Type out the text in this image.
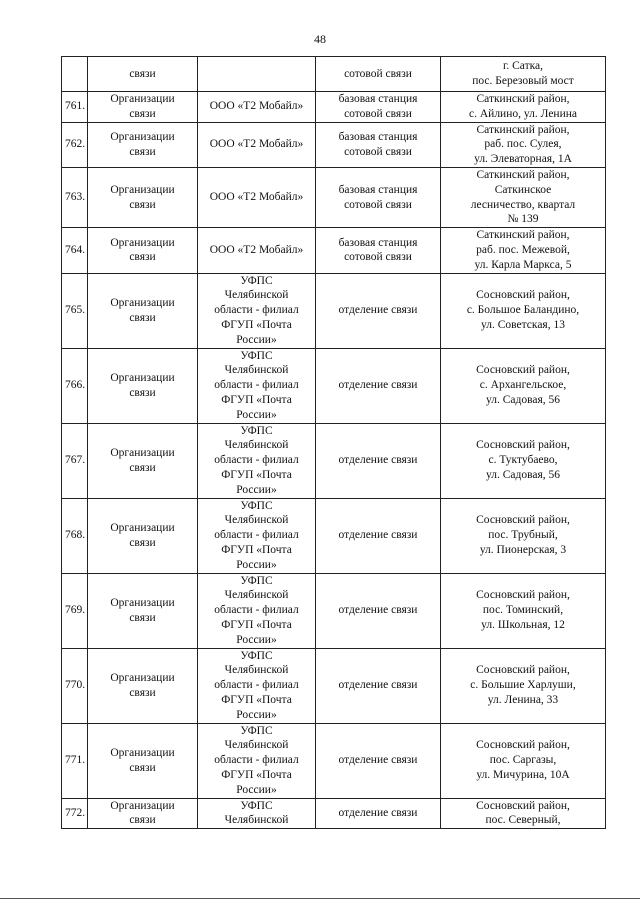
48

	связи		сотовой связи	г. Сатка,
пос. Березовый мост

761.	Организации
связи	ООО «Т2 Мобайл»	базовая станция
сотовой связи	Саткинский район,
с. Айлино, ул. Ленина

762.	Организации
связи	ООО «Т2 Мобайл»	базовая станция
сотовой связи	Саткинский район,
раб. пос. Сулея,
ул. Элеваторная, 1А

763.	Организации
связи	ООО «Т2 Мобайл»	базовая станция
сотовой связи	Саткинский район,
Саткинское
лесничество, квартал
№ 139

764.	Организации
связи	ООО «Т2 Мобайл»	базовая станция
сотовой связи	Саткинский район,
раб. пос. Межевой,
ул. Карла Маркса, 5

765.	Организации
связи	УФПС
Челябинской
области - филиал
ФГУП «Почта
России»	отделение связи	Сосновский район,
с. Большое Баландино,
ул. Советская, 13

766.	Организации
связи	УФПС
Челябинской
области - филиал
ФГУП «Почта
России»	отделение связи	Сосновский район,
с. Архангельское,
ул. Садовая, 56

767.	Организации
связи	УФПС
Челябинской
области - филиал
ФГУП «Почта
России»	отделение связи	Сосновский район,
с. Туктубаево,
ул. Садовая, 56

768.	Организации
связи	УФПС
Челябинской
области - филиал
ФГУП «Почта
России»	отделение связи	Сосновский район,
пос. Трубный,
ул. Пионерская, 3

769.	Организации
связи	УФПС
Челябинской
области - филиал
ФГУП «Почта
России»	отделение связи	Сосновский район,
пос. Томинский,
ул. Школьная, 12

770.	Организации
связи	УФПС
Челябинской
области - филиал
ФГУП «Почта
России»	отделение связи	Сосновский район,
с. Большие Харлуши,
ул. Ленина, 33

771.	Организации
связи	УФПС
Челябинской
области - филиал
ФГУП «Почта
России»	отделение связи	Сосновский район,
пос. Саргазы,
ул. Мичурина, 10А

772.	Организации
связи	УФПС
Челябинской	отделение связи	Сосновский район,
пос. Северный,
